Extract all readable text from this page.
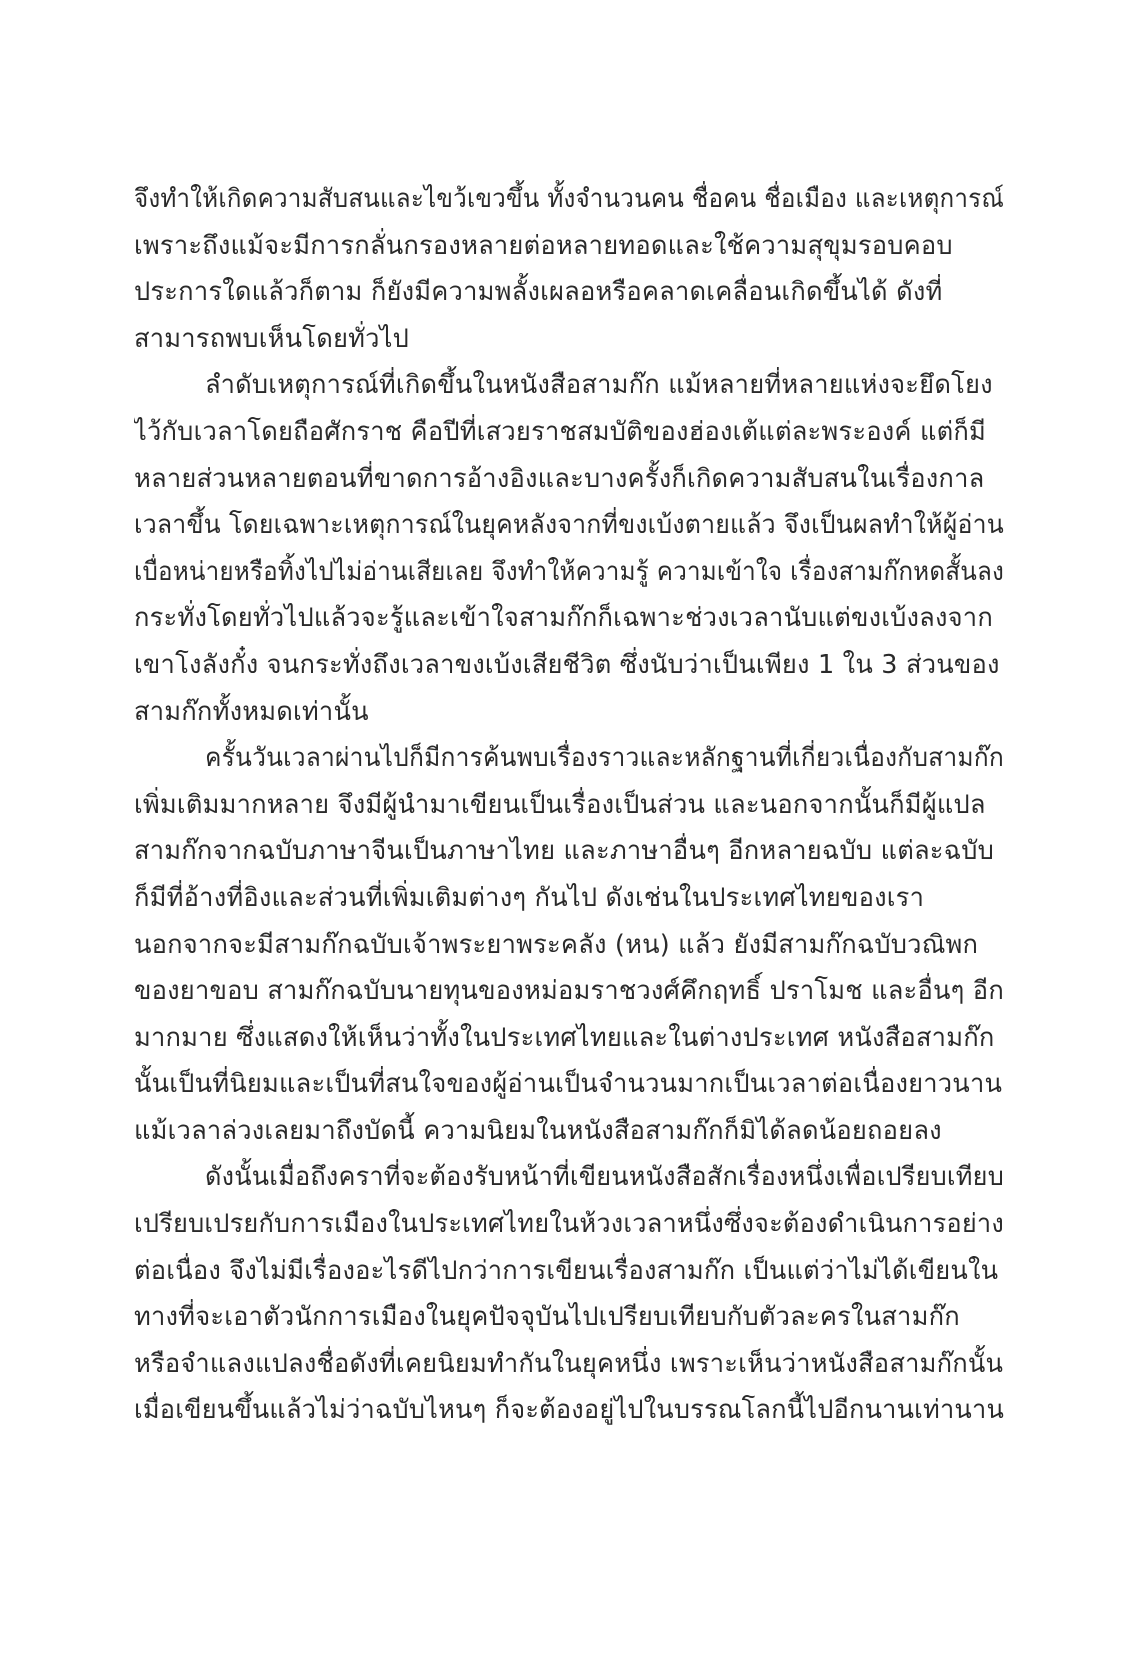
จึงทำให้เกิดความสับสนและไขว้เขวขึ้น ทั้งจำนวนคน ชื่อคน ชื่อเมือง และเหตุการณ์
เพราะถึงแม้จะมีการกลั่นกรองหลายต่อหลายทอดและใช้ความสุขุมรอบคอบ
ประการใดแล้วก็ตาม ก็ยังมีความพลั้งเผลอหรือคลาดเคลื่อนเกิดขึ้นได้ ดังที่
สามารถพบเห็นโดยทั่วไป
ลำดับเหตุการณ์ที่เกิดขึ้นในหนังสือสามก๊ก แม้หลายที่หลายแห่งจะยึดโยง
ไว้กับเวลาโดยถือศักราช คือปีที่เสวยราชสมบัติของฮ่องเต้แต่ละพระองค์ แต่ก็มี
หลายส่วนหลายตอนที่ขาดการอ้างอิงและบางครั้งก็เกิดความสับสนในเรื่องกาล
เวลาขึ้น โดยเฉพาะเหตุการณ์ในยุคหลังจากที่ขงเบ้งตายแล้ว จึงเป็นผลทำให้ผู้อ่าน
เบื่อหน่ายหรือทิ้งไปไม่อ่านเสียเลย จึงทำให้ความรู้ ความเข้าใจ เรื่องสามก๊กหดสั้นลง
กระทั่งโดยทั่วไปแล้วจะรู้และเข้าใจสามก๊กก็เฉพาะช่วงเวลานับแต่ขงเบ้งลงจาก
เขาโงลังกั๋ง จนกระทั่งถึงเวลาขงเบ้งเสียชีวิต ซึ่งนับว่าเป็นเพียง 1 ใน 3 ส่วนของ
สามก๊กทั้งหมดเท่านั้น
ครั้นวันเวลาผ่านไปก็มีการค้นพบเรื่องราวและหลักฐานที่เกี่ยวเนื่องกับสามก๊ก
เพิ่มเติมมากหลาย จึงมีผู้นำมาเขียนเป็นเรื่องเป็นส่วน และนอกจากนั้นก็มีผู้แปล
สามก๊กจากฉบับภาษาจีนเป็นภาษาไทย และภาษาอื่นๆ อีกหลายฉบับ แต่ละฉบับ
ก็มีที่อ้างที่อิงและส่วนที่เพิ่มเติมต่างๆ กันไป ดังเช่นในประเทศไทยของเรา
นอกจากจะมีสามก๊กฉบับเจ้าพระยาพระคลัง (หน) แล้ว ยังมีสามก๊กฉบับวณิพก
ของยาขอบ สามก๊กฉบับนายทุนของหม่อมราชวงศ์คึกฤทธิ์ ปราโมช และอื่นๆ อีก
มากมาย ซึ่งแสดงให้เห็นว่าทั้งในประเทศไทยและในต่างประเทศ หนังสือสามก๊ก
นั้นเป็นที่นิยมและเป็นที่สนใจของผู้อ่านเป็นจำนวนมากเป็นเวลาต่อเนื่องยาวนาน
แม้เวลาล่วงเลยมาถึงบัดนี้ ความนิยมในหนังสือสามก๊กก็มิได้ลดน้อยถอยลง
ดังนั้นเมื่อถึงคราที่จะต้องรับหน้าที่เขียนหนังสือสักเรื่องหนึ่งเพื่อเปรียบเทียบ
เปรียบเปรยกับการเมืองในประเทศไทยในห้วงเวลาหนึ่งซึ่งจะต้องดำเนินการอย่าง
ต่อเนื่อง จึงไม่มีเรื่องอะไรดีไปกว่าการเขียนเรื่องสามก๊ก เป็นแต่ว่าไม่ได้เขียนใน
ทางที่จะเอาตัวนักการเมืองในยุคปัจจุบันไปเปรียบเทียบกับตัวละครในสามก๊ก
หรือจำแลงแปลงชื่อดังที่เคยนิยมทำกันในยุคหนึ่ง เพราะเห็นว่าหนังสือสามก๊กนั้น
เมื่อเขียนขึ้นแล้วไม่ว่าฉบับไหนๆ ก็จะต้องอยู่ไปในบรรณโลกนี้ไปอีกนานเท่านาน
